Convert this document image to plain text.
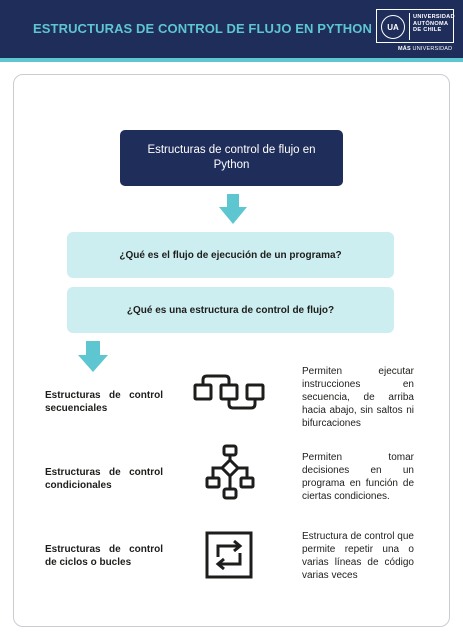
ESTRUCTURAS DE CONTROL DE FLUJO EN PYTHON	UA
UNIVERSIDAD
AUTÓNOMA
DE CHILE
MÁS UNIVERSIDAD
Estructuras de control de flujo en Python
¿Qué es el flujo de ejecución de un programa?
¿Qué es una estructura de control de flujo?
Estructuras de control secuenciales
Permiten ejecutar instrucciones en secuencia, de arriba hacia abajo, sin saltos ni bifurcaciones
Estructuras de control condicionales
Permiten tomar decisiones en un programa en función de ciertas condiciones.
Estructuras de control de ciclos o bucles
Estructura de control que permite repetir una o varias líneas de código varias veces
